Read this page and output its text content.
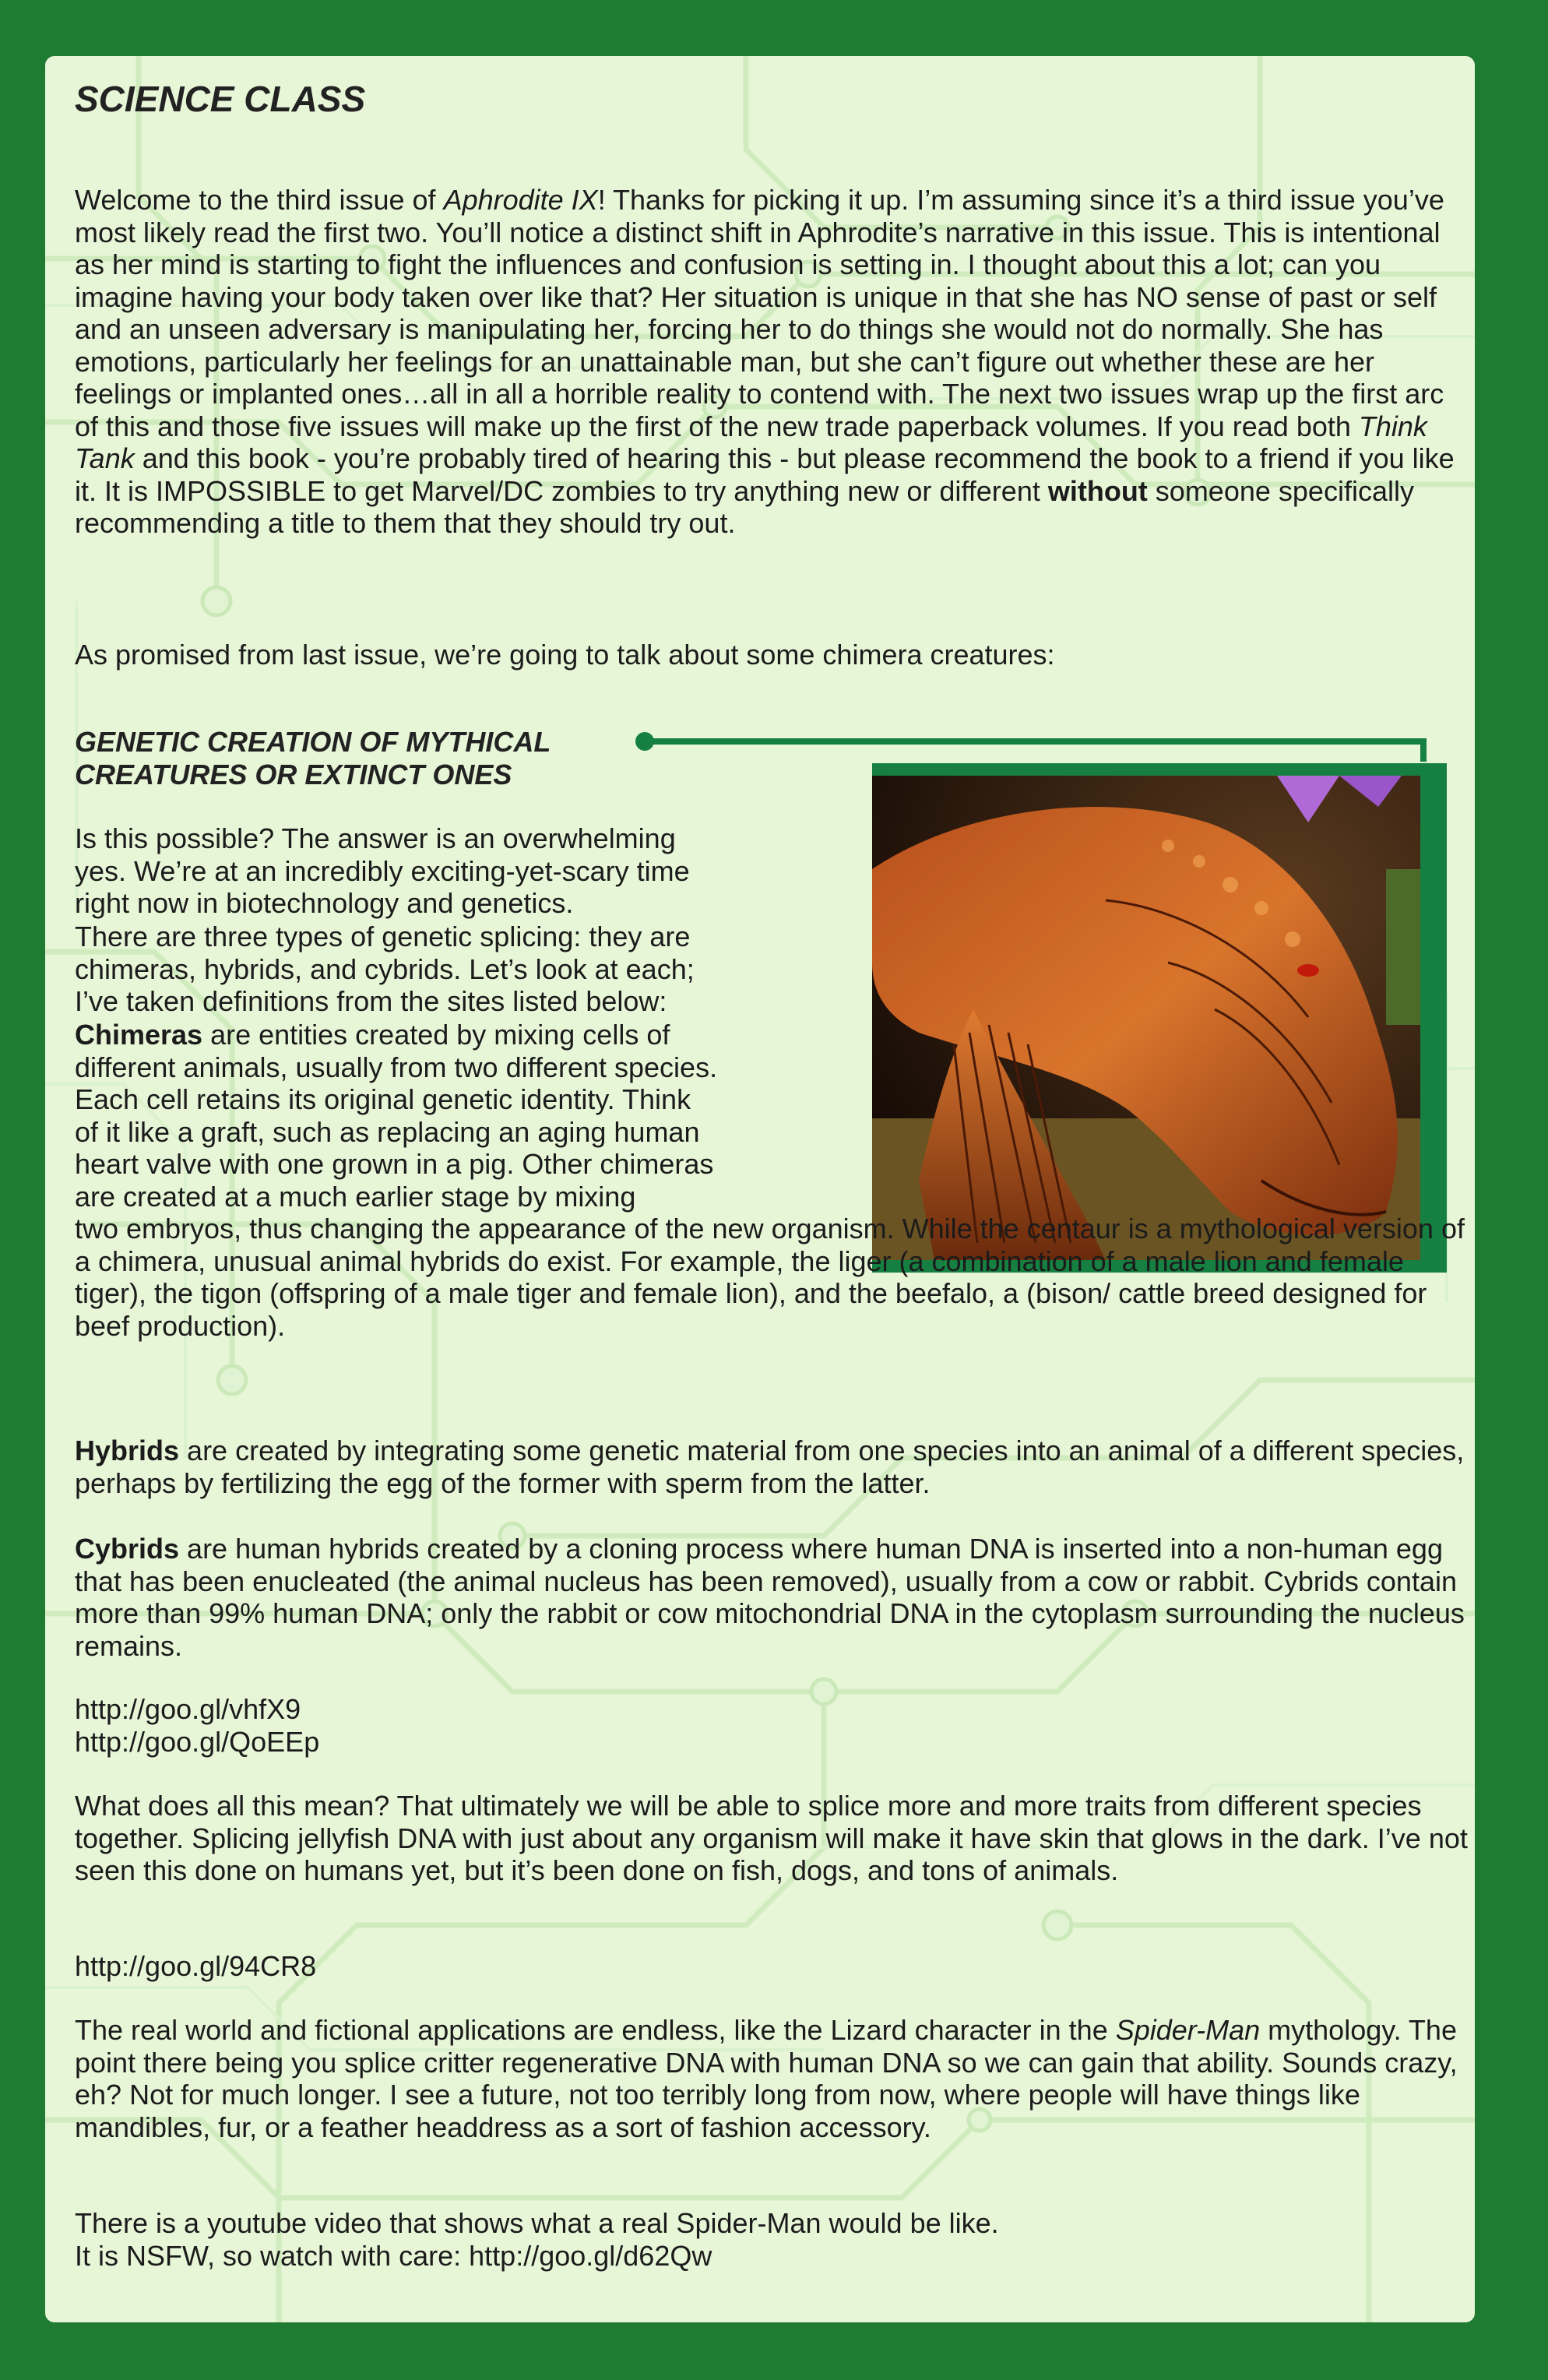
SCIENCE CLASS

Welcome to the third issue of Aphrodite IX! Thanks for picking it up. I’m assuming since it’s a third issue you’ve most likely read the first two. You’ll notice a distinct shift in Aphrodite’s narrative in this issue. This is intentional as her mind is starting to fight the influences and confusion is setting in. I thought about this a lot; can you imagine having your body taken over like that? Her situation is unique in that she has NO sense of past or self and an unseen adversary is manipulating her, forcing her to do things she would not do normally. She has emotions, particularly her feelings for an unattainable man, but she can’t figure out whether these are her feelings or implanted ones…all in all a horrible reality to contend with. The next two issues wrap up the first arc of this and those five issues will make up the first of the new trade paperback volumes. If you read both Think Tank and this book - you’re probably tired of hearing this - but please recommend the book to a friend if you like it. It is IMPOSSIBLE to get Marvel/DC zombies to try anything new or different without someone specifically recommending a title to them that they should try out.

As promised from last issue, we’re going to talk about some chimera creatures:

GENETIC CREATION OF MYTHICAL
CREATURES OR EXTINCT ONES
Is this possible? The answer is an overwhelming
yes. We’re at an incredibly exciting-yet-scary time
right now in biotechnology and genetics.
There are three types of genetic splicing: they are
chimeras, hybrids, and cybrids. Let’s look at each;
I’ve taken definitions from the sites listed below:
Chimeras are entities created by mixing cells of
different animals, usually from two different species.
Each cell retains its original genetic identity. Think
of it like a graft, such as replacing an aging human
heart valve with one grown in a pig. Other chimeras
are created at a much earlier stage by mixing
two embryos, thus changing the appearance of the new organism. While the centaur is a mythological version of a chimera, unusual animal hybrids do exist. For example, the liger (a combination of a male lion and female tiger), the tigon (offspring of a male tiger and female lion), and the beefalo, a (bison/ cattle breed designed for beef production).

Hybrids are created by integrating some genetic material from one species into an animal of a different species, perhaps by fertilizing the egg of the former with sperm from the latter.

Cybrids are human hybrids created by a cloning process where human DNA is inserted into a non-human egg that has been enucleated (the animal nucleus has been removed), usually from a cow or rabbit. Cybrids contain more than 99% human DNA; only the rabbit or cow mitochondrial DNA in the cytoplasm surrounding the nucleus remains.

http://goo.gl/vhfX9
http://goo.gl/QoEEp

What does all this mean? That ultimately we will be able to splice more and more traits from different species together. Splicing jellyfish DNA with just about any organism will make it have skin that glows in the dark. I’ve not seen this done on humans yet, but it’s been done on fish, dogs, and tons of animals.

http://goo.gl/94CR8

The real world and fictional applications are endless, like the Lizard character in the Spider-Man mythology. The point there being you splice critter regenerative DNA with human DNA so we can gain that ability. Sounds crazy, eh? Not for much longer. I see a future, not too terribly long from now, where people will have things like mandibles, fur, or a feather headdress as a sort of fashion accessory.

There is a youtube video that shows what a real Spider-Man would be like.
It is NSFW, so watch with care: http://goo.gl/d62Qw
